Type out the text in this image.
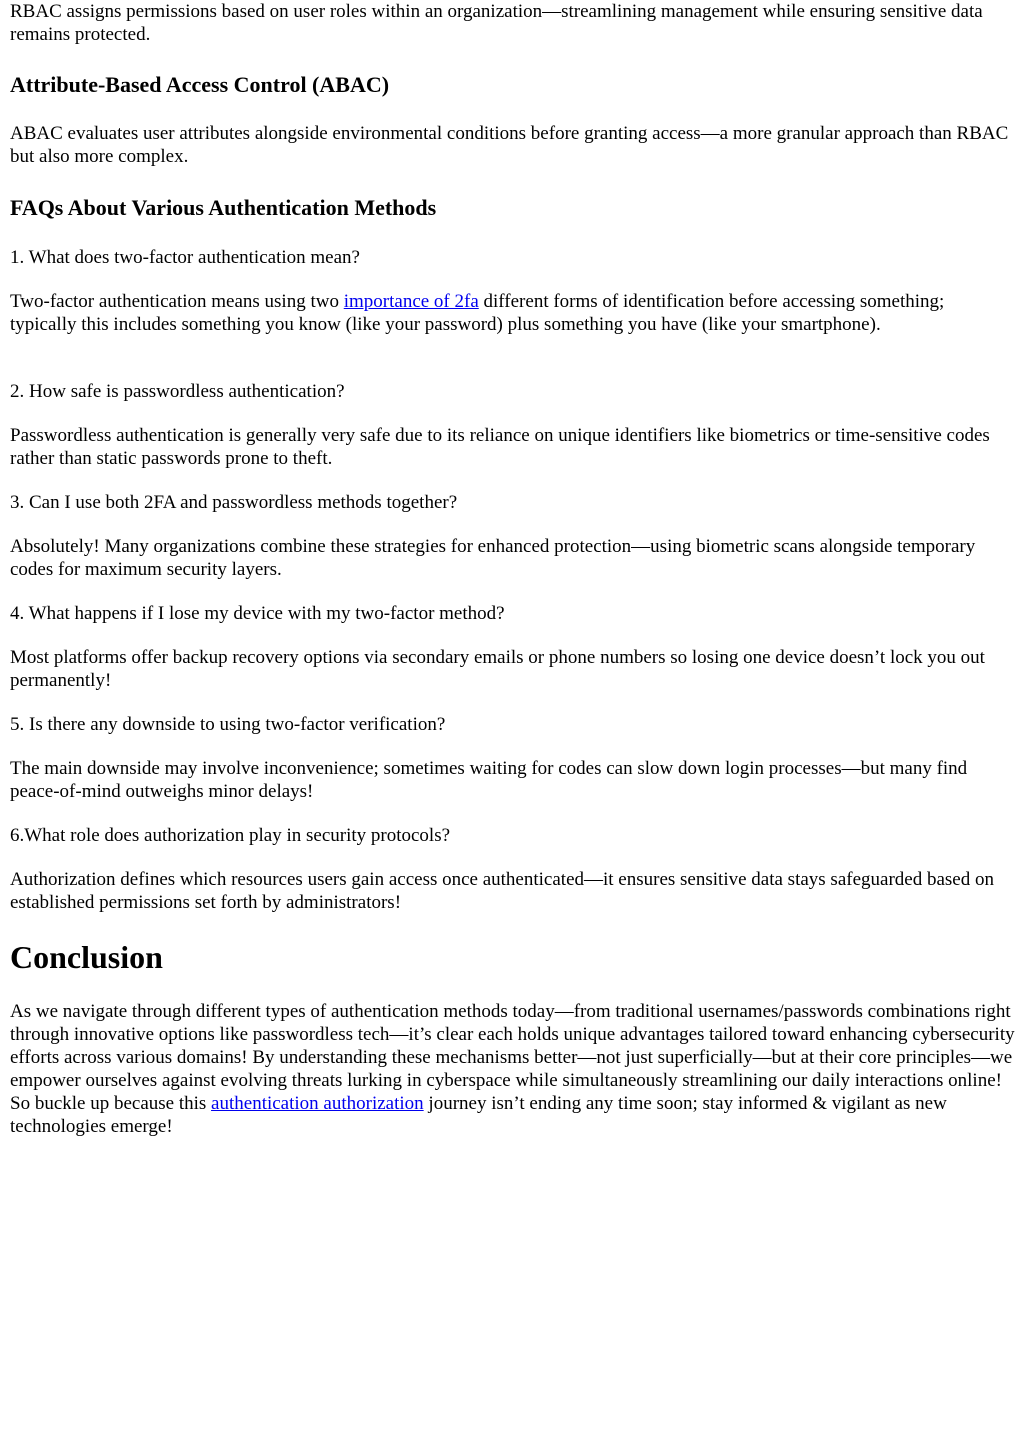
RBAC assigns permissions based on user roles within an organization—streamlining management while ensuring sensitive data remains protected.

Attribute-Based Access Control (ABAC)

ABAC evaluates user attributes alongside environmental conditions before granting access—a more granular approach than RBAC but also more complex.

FAQs About Various Authentication Methods

1. What does two-factor authentication mean?

Two-factor authentication means using two importance of 2fa different forms of identification before accessing something; typically this includes something you know (like your password) plus something you have (like your smartphone).

2. How safe is passwordless authentication?

Passwordless authentication is generally very safe due to its reliance on unique identifiers like biometrics or time-sensitive codes rather than static passwords prone to theft.

3. Can I use both 2FA and passwordless methods together?

Absolutely! Many organizations combine these strategies for enhanced protection—using biometric scans alongside temporary codes for maximum security layers.

4. What happens if I lose my device with my two-factor method?

Most platforms offer backup recovery options via secondary emails or phone numbers so losing one device doesn’t lock you out permanently!

5. Is there any downside to using two-factor verification?

The main downside may involve inconvenience; sometimes waiting for codes can slow down login processes—but many find peace-of-mind outweighs minor delays!

6.What role does authorization play in security protocols?

Authorization defines which resources users gain access once authenticated—it ensures sensitive data stays safeguarded based on established permissions set forth by administrators!

Conclusion

As we navigate through different types of authentication methods today—from traditional usernames/passwords combinations right through innovative options like passwordless tech—it’s clear each holds unique advantages tailored toward enhancing cybersecurity efforts across various domains! By understanding these mechanisms better—not just superficially—but at their core principles—we empower ourselves against evolving threats lurking in cyberspace while simultaneously streamlining our daily interactions online! So buckle up because this authentication authorization journey isn’t ending any time soon; stay informed & vigilant as new technologies emerge!
